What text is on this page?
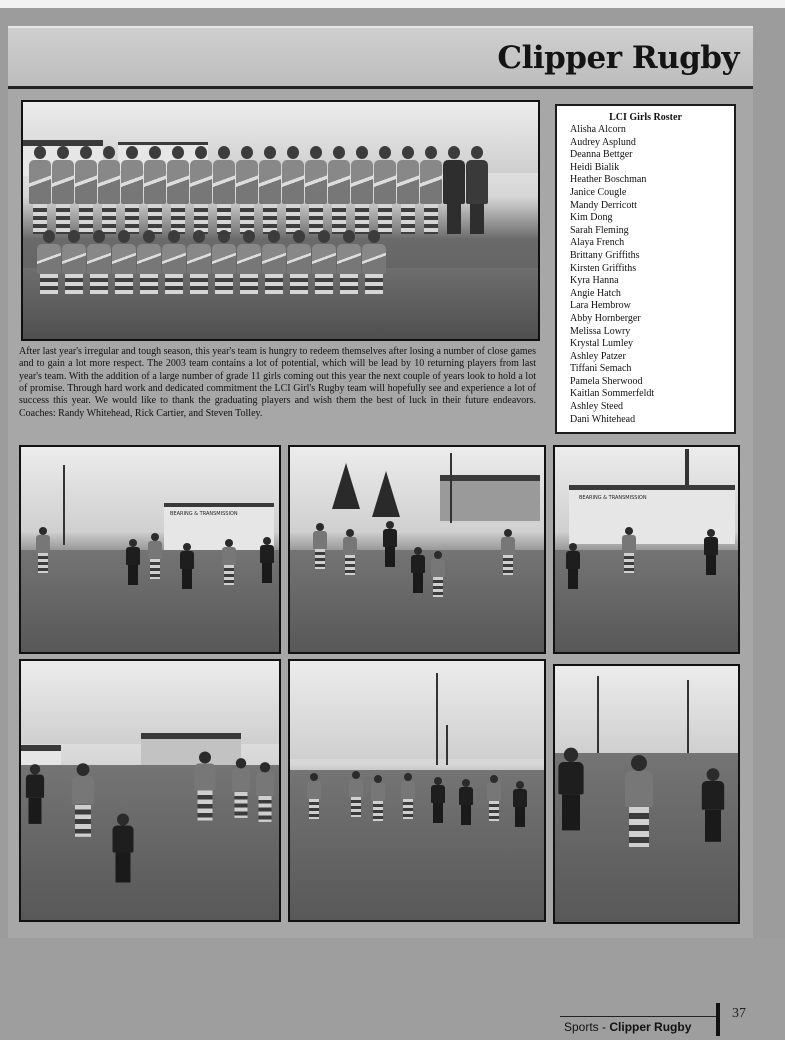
Clipper Rugby
LCI Girls Roster
Alisha Alcorn
Audrey Asplund
Deanna Bettger
Heidi Bialik
Heather Boschman
Janice Cougle
Mandy Derricott
Kim Dong
Sarah Fleming
Alaya French
Brittany Griffiths
Kirsten Griffiths
Kyra Hanna
Angie Hatch
Lara Hembrow
Abby Hornberger
Melissa Lowry
Krystal Lumley
Ashley Patzer
Tiffani Semach
Pamela Sherwood
Kaitlan Sommerfeldt
Ashley Steed
Dani Whitehead

After last year's irregular and tough season, this year's team is hungry to redeem themselves after losing a number of close games and to gain a lot more respect. The 2003 team contains a lot of potential, which will be lead by 10 returning players from last year's team. With the addition of a large number of grade 11 girls coming out this year the next couple of years look to hold a lot of promise. Through hard work and dedicated commitment the LCI Girl's Rugby team will hopefully see and experience a lot of success this year. We would like to thank the graduating players and wish them the best of luck in their future endeavors. Coaches: Randy Whitehead, Rick Cartier, and Steven Tolley.

BEARING & TRANSMISSION
BEARING & TRANSMISSION
Sports - Clipper Rugby
37
